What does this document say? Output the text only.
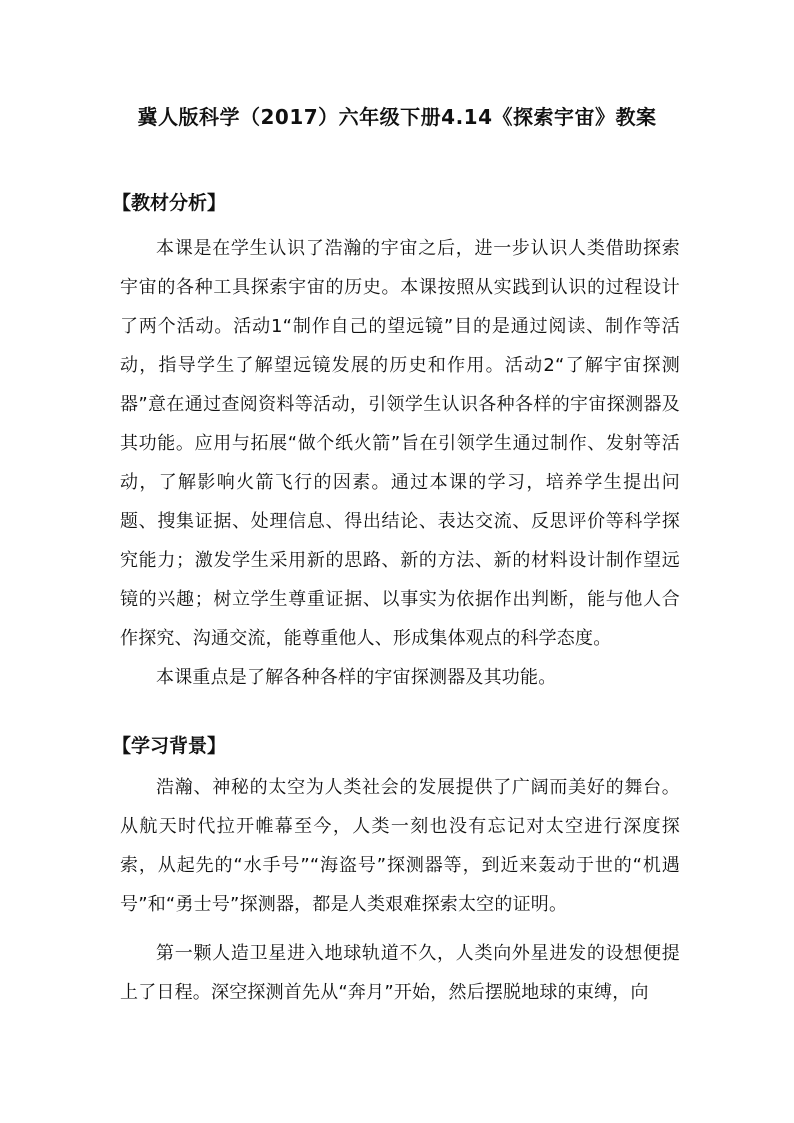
冀人版科学（2017）六年级下册4.14《探索宇宙》教案
【教材分析】

本课是在学生认识了浩瀚的宇宙之后，进一步认识人类借助探索宇宙的各种工具探索宇宙的历史。本课按照从实践到认识的过程设计了两个活动。活动1“制作自己的望远镜”目的是通过阅读、制作等活动，指导学生了解望远镜发展的历史和作用。活动2“了解宇宙探测器”意在通过查阅资料等活动，引领学生认识各种各样的宇宙探测器及其功能。应用与拓展“做个纸火箭”旨在引领学生通过制作、发射等活动，了解影响火箭飞行的因素。通过本课的学习，培养学生提出问题、搜集证据、处理信息、得出结论、表达交流、反思评价等科学探究能力；激发学生采用新的思路、新的方法、新的材料设计制作望远镜的兴趣；树立学生尊重证据、以事实为依据作出判断，能与他人合作探究、沟通交流，能尊重他人、形成集体观点的科学态度。

本课重点是了解各种各样的宇宙探测器及其功能。

【学习背景】

浩瀚、神秘的太空为人类社会的发展提供了广阔而美好的舞台。从航天时代拉开帷幕至今，人类一刻也没有忘记对太空进行深度探索，从起先的“水手号”“海盗号”探测器等，到近来轰动于世的“机遇号”和“勇士号”探测器，都是人类艰难探索太空的证明。

第一颗人造卫星进入地球轨道不久，人类向外星进发的设想便提上了日程。深空探测首先从“奔月”开始，然后摆脱地球的束缚，向
